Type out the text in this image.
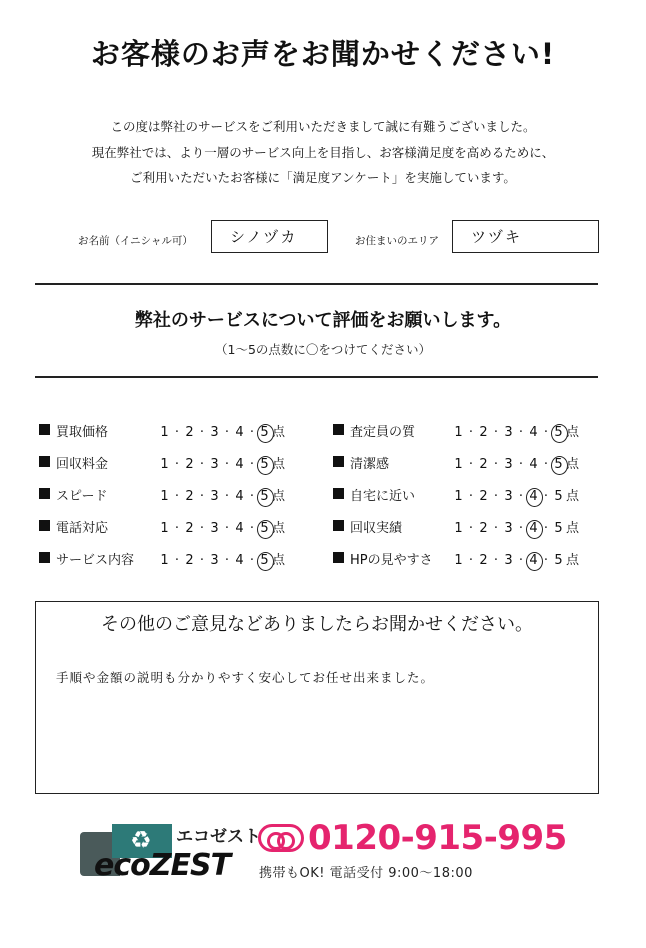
お客様のお声をお聞かせください!
この度は弊社のサービスをご利用いただきまして誠に有難うございました。
現在弊社では、より一層のサービス向上を目指し、お客様満足度を高めるために、
ご利用いただいたお客様に「満足度アンケート」を実施しています。
お名前（イニシャル可）	シノヅカ	お住まいのエリア	ツヅキ
弊社のサービスについて評価をお願いします。
（1〜5の点数に〇をつけてください）
買取価格	1 · 2 · 3 · 4 · 5 点	査定員の質	1 · 2 · 3 · 4 · 5 点
回収料金	1 · 2 · 3 · 4 · 5 点	清潔感	1 · 2 · 3 · 4 · 5 点
スピード	1 · 2 · 3 · 4 · 5 点	自宅に近い	1 · 2 · 3 · 4 · 5 点
電話対応	1 · 2 · 3 · 4 · 5 点	回収実績	1 · 2 · 3 · 4 · 5 点
サービス内容 1 · 2 · 3 · 4 · 5 点	HPの見やすさ 1 · 2 · 3 · 4 · 5 点
その他のご意見などありましたらお聞かせください。
手順や金額の説明も分かりやすく安心してお任せ出来ました。
♻ エコゼスト
ecoZEST
0120-915-995
携帯もOK! 電話受付 9:00〜18:00
